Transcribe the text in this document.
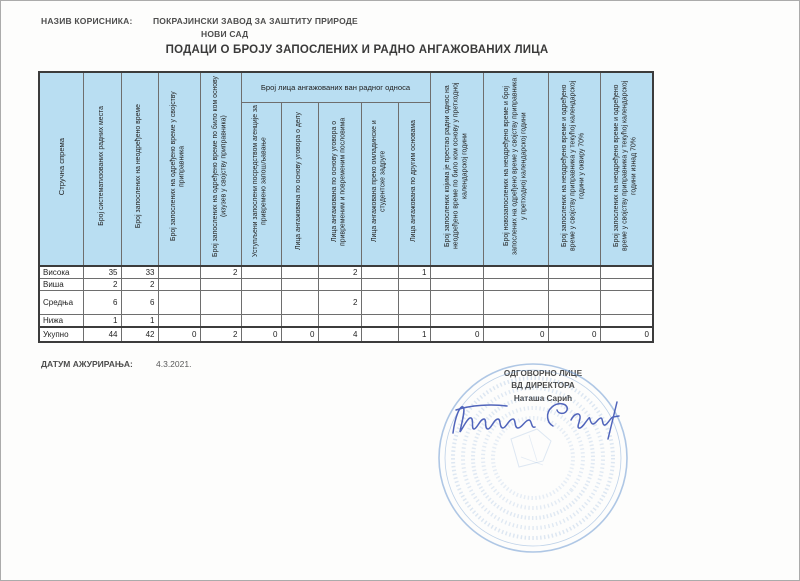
НАЗИВ КОРИСНИКА: ПОКРАЈИНСКИ ЗАВОД ЗА ЗАШТИТУ ПРИРОДЕ
НОВИ САД
ПОДАЦИ О БРОЈУ ЗАПОСЛЕНИХ И РАДНО АНГАЖОВАНИХ ЛИЦА
Стручна спрема	Број систематизованих радних места	Број запослених на неодређено време	Број запослених на одређено време у својству приправника	Број запослених на одређено време по било ком основу (изузев у својству приправника)	Број лица ангажованих ван радног односа					Број запослених којима је престао радни однос на неодређено време по било ком основу у претходној календарској години	Број новозапослених на неодређено време и број запослених на одређено време у својству приправника у претходној календарској години	Број запослених на неодређено време и одређено време у својству приправника у текућој календарској години у оквиру 70%	Број запослених на неодређено време и одређено време у својству приправника у текућој календарској години изнад 70%
					Уступљени запослени посредством агенције за привремено запошљавање	Лица ангажована по основу уговора о делу	Лица ангажована по основу уговора о привременим и повременим пословима	Лица ангажована преко омладинске и студентске задруге	Лица ангажована по другим основама				
Висока	35	33		2			2		1				
Виша	2	2											
Средња	6	6					2						
Нижа	1	1											
Укупно	44	42	0	2	0	0	4		1	0	0	0	0
ДАТУМ АЖУРИРАЊА:	4.3.2021.
ОДГОВОРНО ЛИЦЕ
ВД ДИРЕКТОРА
Наташа Сарић
